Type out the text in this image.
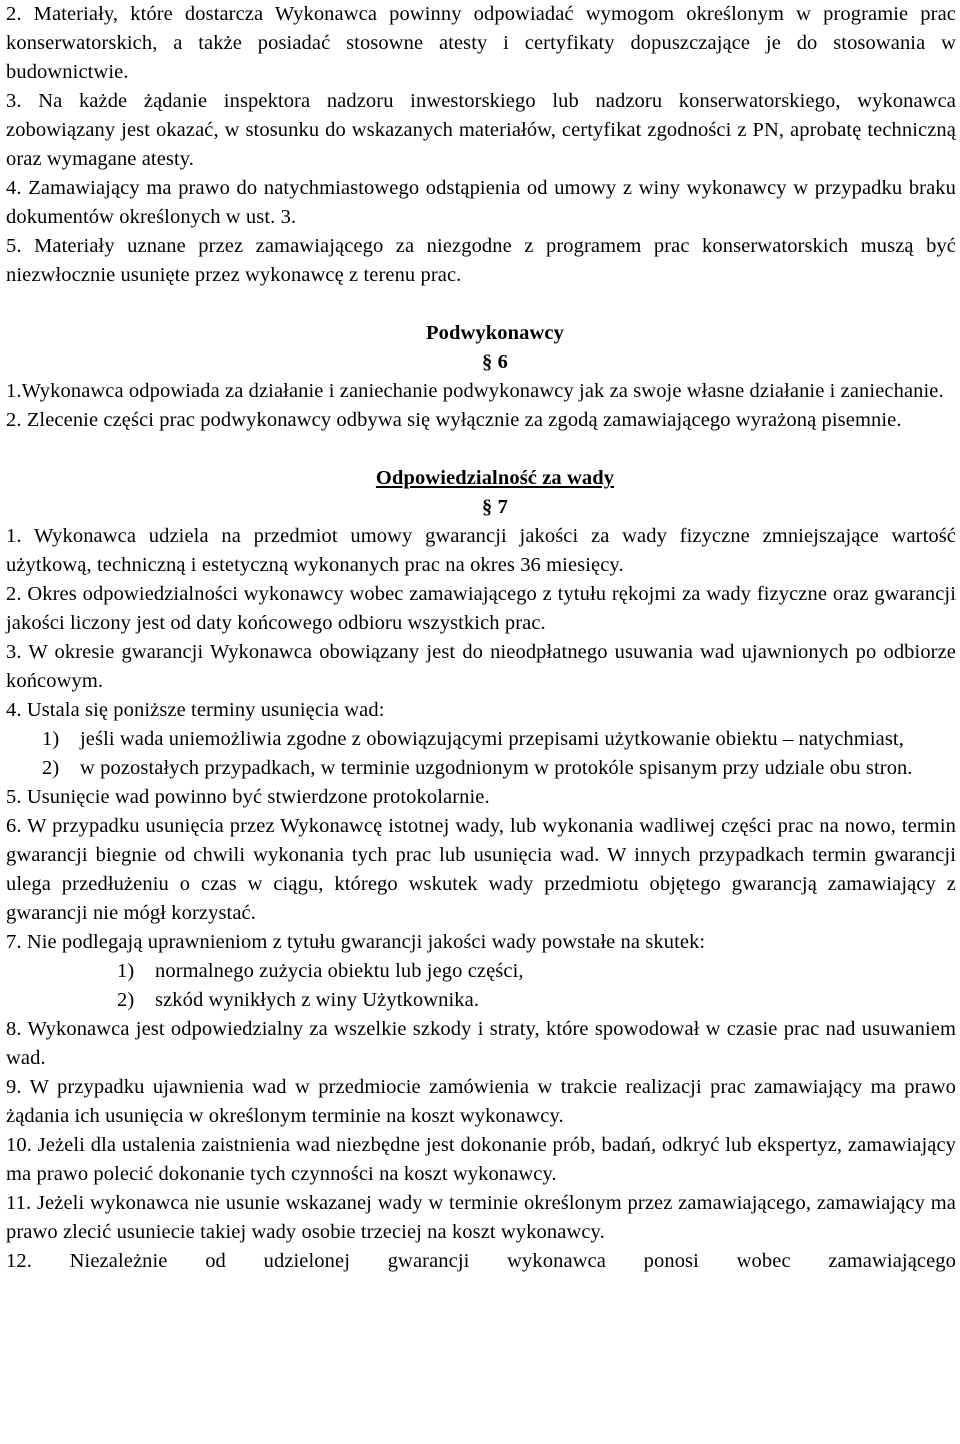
2. Materiały, które dostarcza Wykonawca powinny odpowiadać wymogom określonym w programie prac konserwatorskich, a także posiadać stosowne atesty i certyfikaty dopuszczające je do stosowania w budownictwie.

3. Na każde żądanie inspektora nadzoru inwestorskiego lub nadzoru konserwatorskiego, wykonawca zobowiązany jest okazać, w stosunku do wskazanych materiałów, certyfikat zgodności z PN, aprobatę techniczną oraz wymagane atesty.

4. Zamawiający ma prawo do natychmiastowego odstąpienia od umowy z winy wykonawcy w przypadku braku dokumentów określonych w ust. 3.

5. Materiały uznane przez zamawiającego za niezgodne z programem prac konserwatorskich muszą być niezwłocznie usunięte przez wykonawcę z terenu prac.

Podwykonawcy

§ 6

1.Wykonawca odpowiada za działanie i zaniechanie podwykonawcy jak za swoje własne działanie i zaniechanie.

2. Zlecenie części prac podwykonawcy odbywa się wyłącznie za zgodą zamawiającego wyrażoną pisemnie.

Odpowiedzialność za wady

§ 7

1. Wykonawca udziela na przedmiot umowy gwarancji jakości za wady fizyczne zmniejszające wartość użytkową, techniczną i estetyczną wykonanych prac na okres 36 miesięcy.

2. Okres odpowiedzialności wykonawcy wobec zamawiającego z tytułu rękojmi za wady fizyczne oraz gwarancji jakości liczony jest od daty końcowego odbioru wszystkich prac.

3. W okresie gwarancji Wykonawca obowiązany jest do nieodpłatnego usuwania wad ujawnionych po odbiorze końcowym.

4. Ustala się poniższe terminy usunięcia wad:

1)	jeśli wada uniemożliwia zgodne z obowiązującymi przepisami użytkowanie obiektu – natychmiast,
2)	w pozostałych przypadkach, w terminie uzgodnionym w protokóle spisanym przy udziale obu stron.

5. Usunięcie wad powinno być stwierdzone protokolarnie.

6. W przypadku usunięcia przez Wykonawcę istotnej wady, lub wykonania wadliwej części prac na nowo, termin gwarancji biegnie od chwili wykonania tych prac lub usunięcia wad. W innych przypadkach termin gwarancji ulega przedłużeniu o czas w ciągu, którego wskutek wady przedmiotu objętego gwarancją zamawiający z gwarancji nie mógł korzystać.

7. Nie podlegają uprawnieniom z tytułu gwarancji jakości wady powstałe na skutek:

1)	normalnego zużycia obiektu lub jego części,
2)	szkód wynikłych z winy Użytkownika.

8. Wykonawca jest odpowiedzialny za wszelkie szkody i straty, które spowodował w czasie prac nad usuwaniem wad.

9. W przypadku ujawnienia wad w przedmiocie zamówienia w trakcie realizacji prac zamawiający ma prawo żądania ich usunięcia w określonym terminie na koszt wykonawcy.

10. Jeżeli dla ustalenia zaistnienia wad niezbędne jest dokonanie prób, badań, odkryć lub ekspertyz, zamawiający ma prawo polecić dokonanie tych czynności na koszt wykonawcy.

11. Jeżeli wykonawca nie usunie wskazanej wady w terminie określonym przez zamawiającego, zamawiający ma prawo zlecić usuniecie takiej wady osobie trzeciej na koszt wykonawcy.

12. Niezależnie od udzielonej gwarancji wykonawca ponosi wobec zamawiającego
